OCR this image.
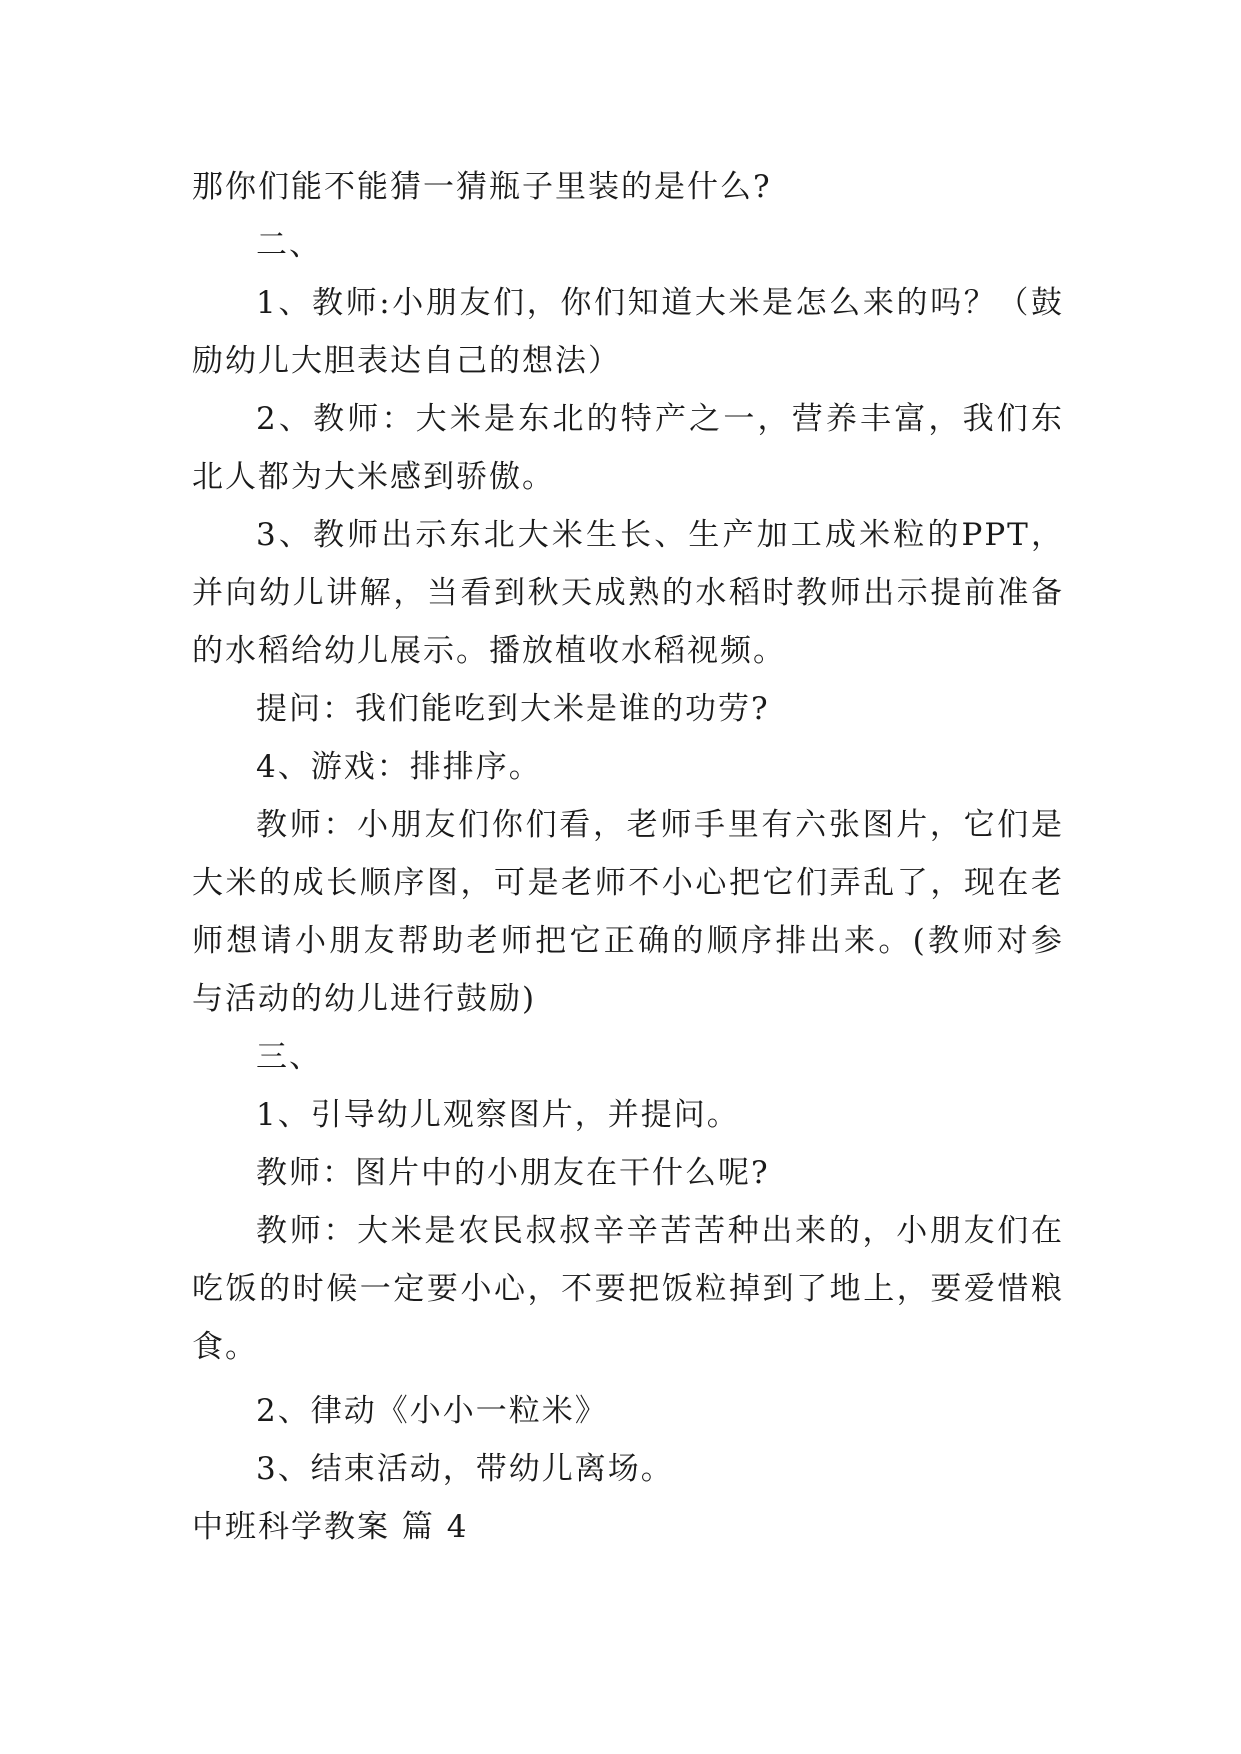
那你们能不能猜一猜瓶子里装的是什么?

二、

1、教师:小朋友们，你们知道大米是怎么来的吗？（鼓励幼儿大胆表达自己的想法）

2、教师：大米是东北的特产之一，营养丰富，我们东北人都为大米感到骄傲。

3、教师出示东北大米生长、生产加工成米粒的PPT，并向幼儿讲解，当看到秋天成熟的水稻时教师出示提前准备的水稻给幼儿展示。播放植收水稻视频。

提问：我们能吃到大米是谁的功劳?

4、游戏：排排序。

教师：小朋友们你们看，老师手里有六张图片，它们是大米的成长顺序图，可是老师不小心把它们弄乱了，现在老师想请小朋友帮助老师把它正确的顺序排出来。(教师对参与活动的幼儿进行鼓励)

三、

1、引导幼儿观察图片，并提问。

教师：图片中的小朋友在干什么呢?

教师：大米是农民叔叔辛辛苦苦种出来的，小朋友们在吃饭的时候一定要小心，不要把饭粒掉到了地上，要爱惜粮食。

2、律动《小小一粒米》

3、结束活动，带幼儿离场。

中班科学教案 篇 4
